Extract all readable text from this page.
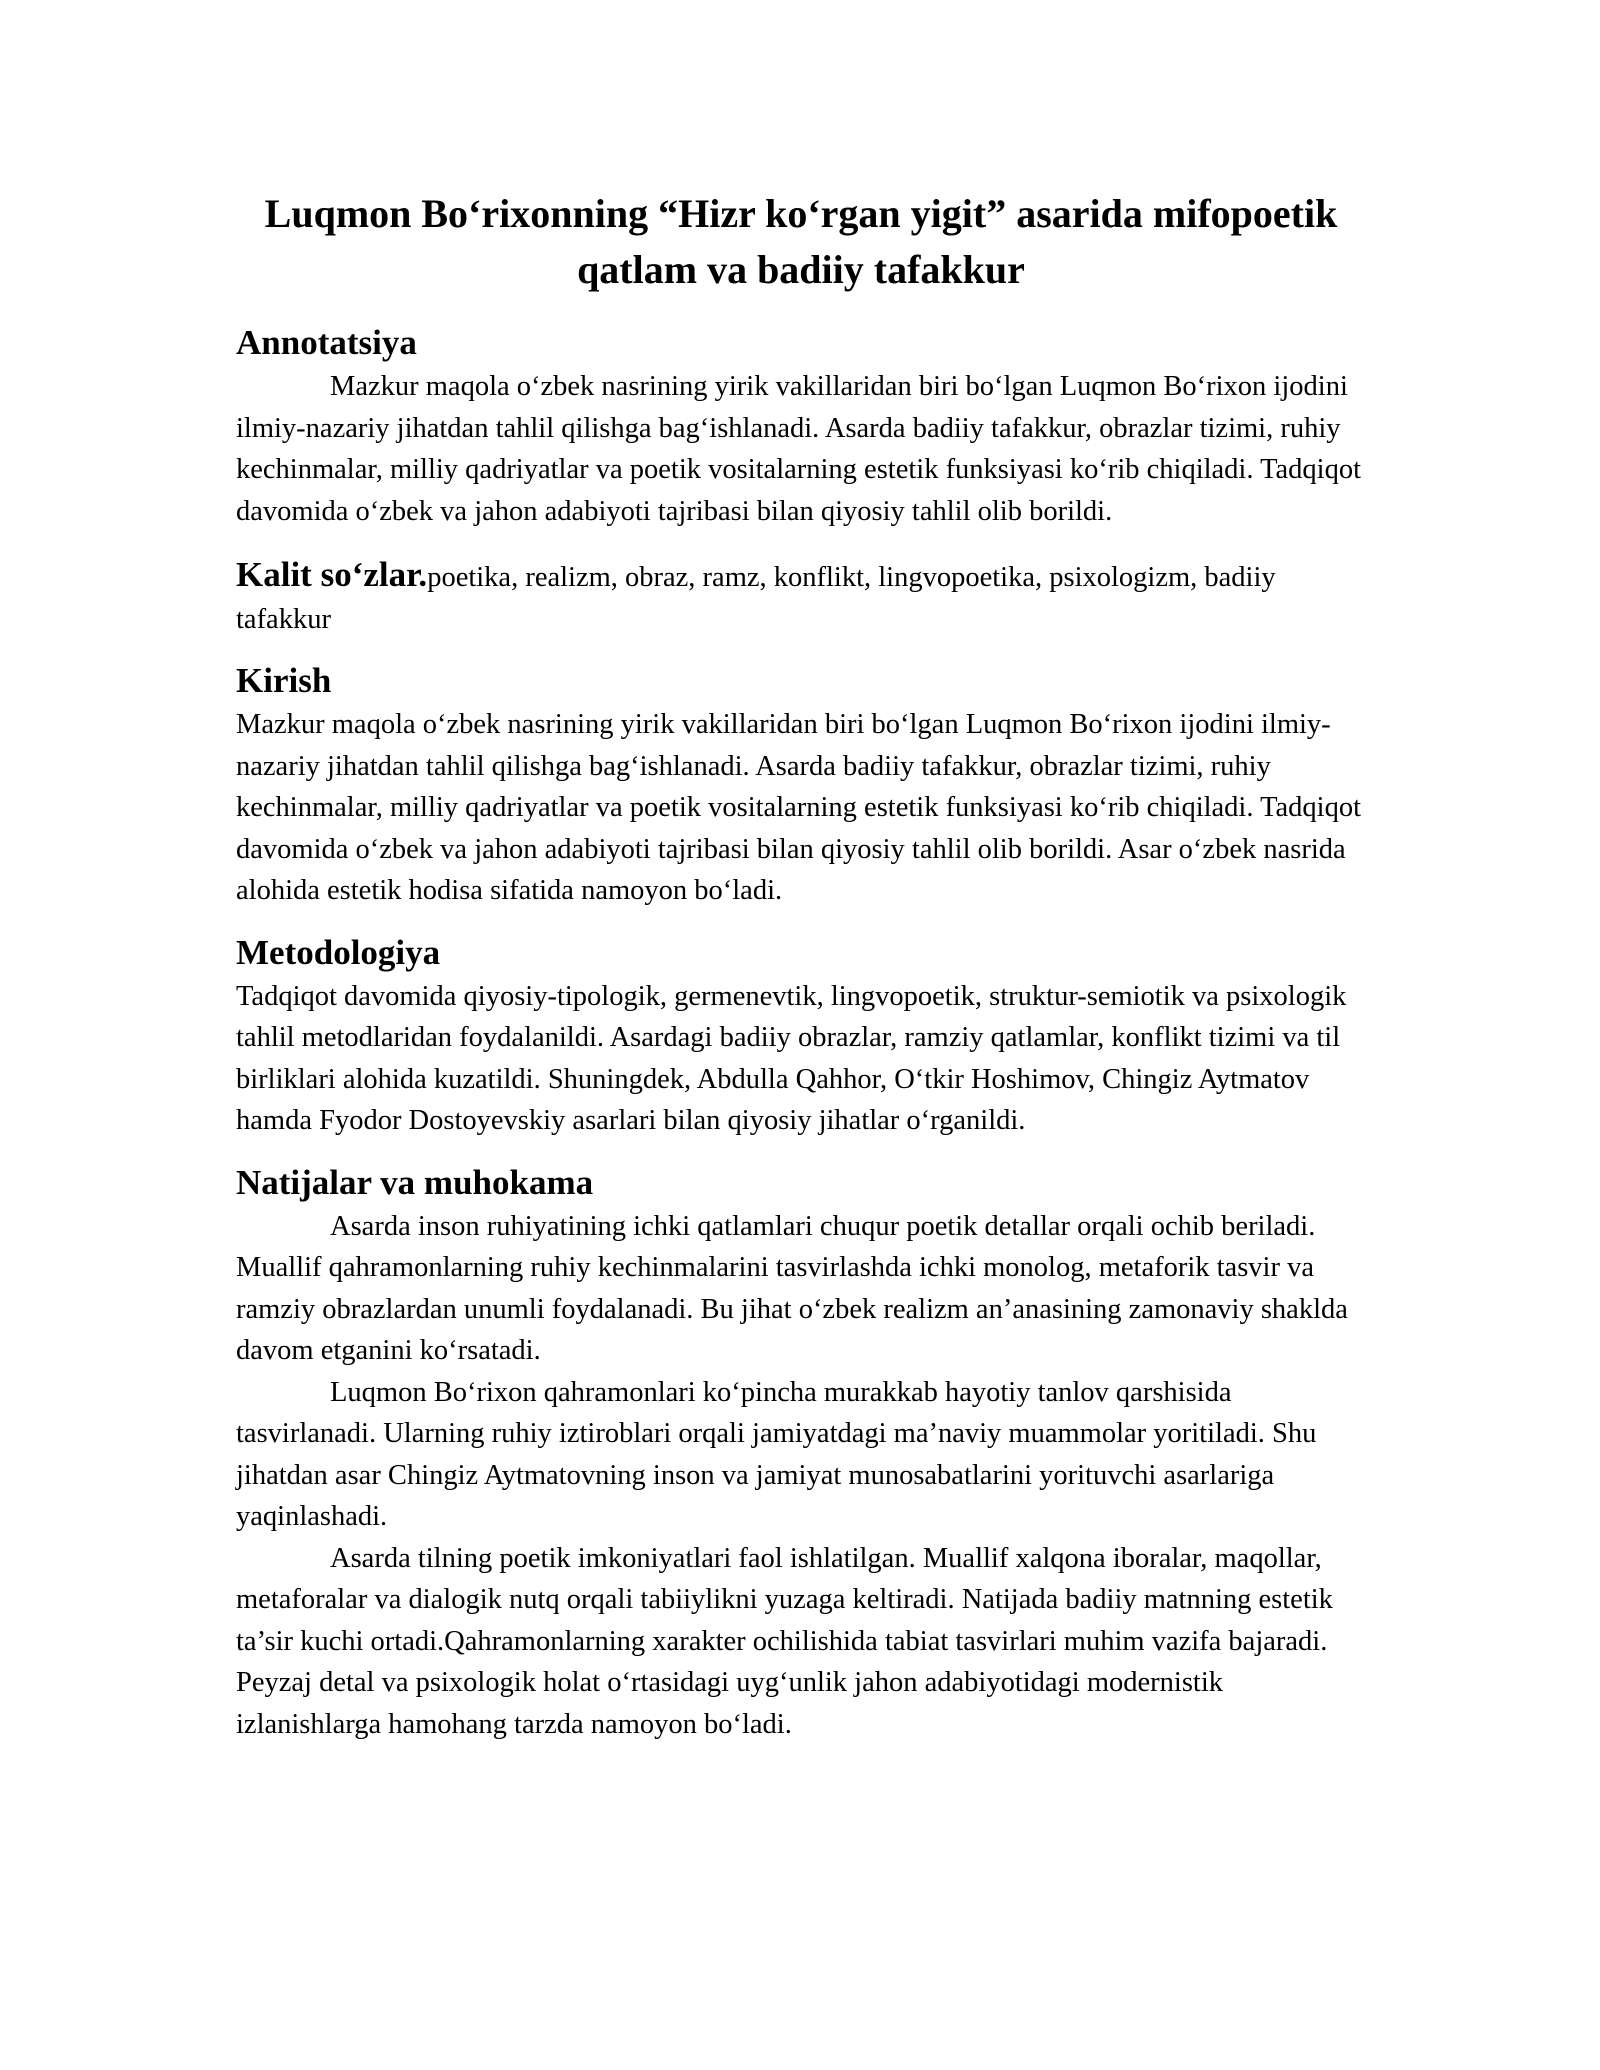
Luqmon Bo‘rixonning “Hizr ko‘rgan yigit” asarida mifopoetik qatlam va badiiy tafakkur
Annotatsiya

Mazkur maqola o‘zbek nasrining yirik vakillaridan biri bo‘lgan Luqmon Bo‘rixon ijodini ilmiy-nazariy jihatdan tahlil qilishga bag‘ishlanadi. Asarda badiiy tafakkur, obrazlar tizimi, ruhiy kechinmalar, milliy qadriyatlar va poetik vositalarning estetik funksiyasi ko‘rib chiqiladi. Tadqiqot davomida o‘zbek va jahon adabiyoti tajribasi bilan qiyosiy tahlil olib borildi.

Kalit so‘zlar.poetika, realizm, obraz, ramz, konflikt, lingvopoetika, psixologizm, badiiy tafakkur

Kirish

Mazkur maqola o‘zbek nasrining yirik vakillaridan biri bo‘lgan Luqmon Bo‘rixon ijodini ilmiy-nazariy jihatdan tahlil qilishga bag‘ishlanadi. Asarda badiiy tafakkur, obrazlar tizimi, ruhiy kechinmalar, milliy qadriyatlar va poetik vositalarning estetik funksiyasi ko‘rib chiqiladi. Tadqiqot davomida o‘zbek va jahon adabiyoti tajribasi bilan qiyosiy tahlil olib borildi. Asar o‘zbek nasrida alohida estetik hodisa sifatida namoyon bo‘ladi.

Metodologiya

Tadqiqot davomida qiyosiy-tipologik, germenevtik, lingvopoetik, struktur-semiotik va psixologik tahlil metodlaridan foydalanildi. Asardagi badiiy obrazlar, ramziy qatlamlar, konflikt tizimi va til birliklari alohida kuzatildi. Shuningdek, Abdulla Qahhor, O‘tkir Hoshimov, Chingiz Aytmatov hamda Fyodor Dostoyevskiy asarlari bilan qiyosiy jihatlar o‘rganildi.

Natijalar va muhokama

Asarda inson ruhiyatining ichki qatlamlari chuqur poetik detallar orqali ochib beriladi. Muallif qahramonlarning ruhiy kechinmalarini tasvirlashda ichki monolog, metaforik tasvir va ramziy obrazlardan unumli foydalanadi. Bu jihat o‘zbek realizm an’anasining zamonaviy shaklda davom etganini ko‘rsatadi.

Luqmon Bo‘rixon qahramonlari ko‘pincha murakkab hayotiy tanlov qarshisida tasvirlanadi. Ularning ruhiy iztiroblari orqali jamiyatdagi ma’naviy muammolar yoritiladi. Shu jihatdan asar Chingiz Aytmatovning inson va jamiyat munosabatlarini yorituvchi asarlariga yaqinlashadi.

Asarda tilning poetik imkoniyatlari faol ishlatilgan. Muallif xalqona iboralar, maqollar, metaforalar va dialogik nutq orqali tabiiylikni yuzaga keltiradi. Natijada badiiy matnning estetik ta’sir kuchi ortadi.Qahramonlarning xarakter ochilishida tabiat tasvirlari muhim vazifa bajaradi. Peyzaj detal va psixologik holat o‘rtasidagi uyg‘unlik jahon adabiyotidagi modernistik izlanishlarga hamohang tarzda namoyon bo‘ladi.
